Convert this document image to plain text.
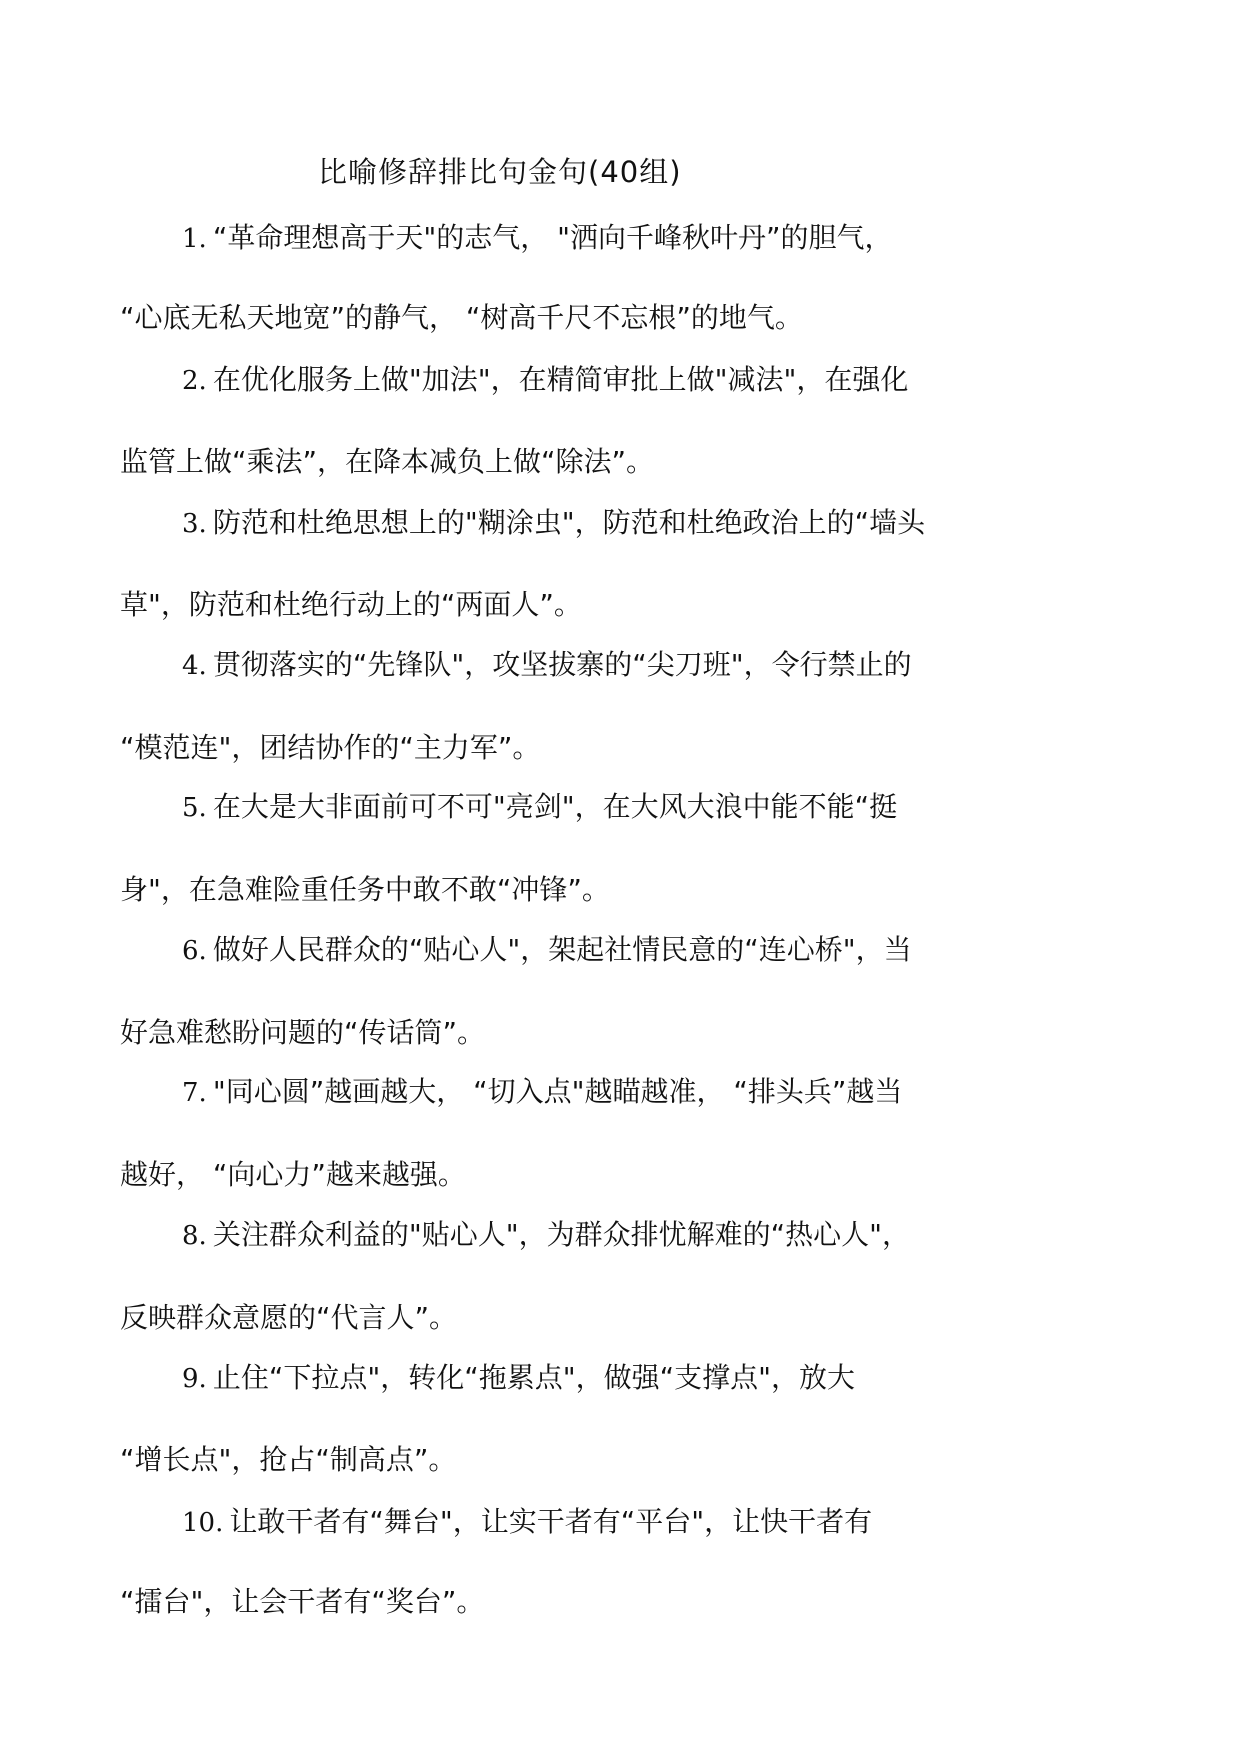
比喻修辞排比句金句(40组)
1. “革命理想高于天"的志气， "洒向千峰秋叶丹”的胆气，
“心底无私天地宽”的静气， “树高千尺不忘根”的地气。
2. 在优化服务上做"加法"，在精简审批上做"减法"，在强化
监管上做“乘法”，在降本减负上做“除法”。
3. 防范和杜绝思想上的"糊涂虫"，防范和杜绝政治上的“墙头
草"，防范和杜绝行动上的“两面人”。
4. 贯彻落实的“先锋队"，攻坚拔寨的“尖刀班"，令行禁止的
“模范连"，团结协作的“主力军”。
5. 在大是大非面前可不可"亮剑"，在大风大浪中能不能“挺
身"，在急难险重任务中敢不敢“冲锋”。
6. 做好人民群众的“贴心人"，架起社情民意的“连心桥"，当
好急难愁盼问题的“传话筒”。
7. "同心圆”越画越大， “切入点"越瞄越准， “排头兵”越当
越好， “向心力”越来越强。
8. 关注群众利益的"贴心人"，为群众排忧解难的“热心人"，
反映群众意愿的“代言人”。
9. 止住“下拉点"，转化“拖累点"，做强“支撑点"，放大
“增长点"，抢占“制高点”。
10. 让敢干者有“舞台"，让实干者有“平台"，让快干者有
“擂台"，让会干者有“奖台”。
